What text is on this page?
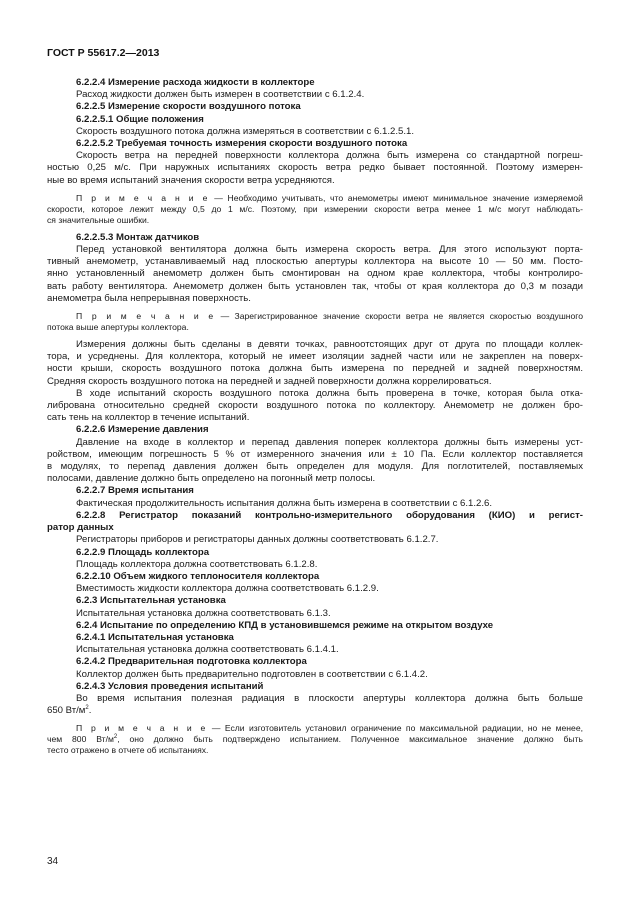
ГОСТ Р 55617.2—2013
6.2.2.4 Измерение расхода жидкости в коллекторе
Расход жидкости должен быть измерен в соответствии с 6.1.2.4.
6.2.2.5 Измерение скорости воздушного потока
6.2.2.5.1 Общие положения
Скорость воздушного потока должна измеряться в соответствии с 6.1.2.5.1.
6.2.2.5.2 Требуемая точность измерения скорости воздушного потока
Скорость ветра на передней поверхности коллектора должна быть измерена со стандартной погреш-
ностью 0,25 м/с. При наружных испытаниях скорость ветра редко бывает постоянной. Поэтому измерен-
ные во время испытаний значения скорости ветра усредняются.
П р и м е ч а н и е — Необходимо учитывать, что анемометры имеют минимальное значение измеряемой
скорости, которое лежит между 0,5 до 1 м/с. Поэтому, при измерении скорости ветра менее 1 м/с могут наблюдать-
ся значительные ошибки.
6.2.2.5.3 Монтаж датчиков
Перед установкой вентилятора должна быть измерена скорость ветра. Для этого используют порта-
тивный анемометр, устанавливаемый над плоскостью апертуры коллектора на высоте 10 — 50 мм. Посто-
янно установленный анемометр должен быть смонтирован на одном крае коллектора, чтобы контролиро-
вать работу вентилятора. Анемометр должен быть установлен так, чтобы от края коллектора до 0,3 м позади
анемометра была непрерывная поверхность.
П р и м е ч а н и е — Зарегистрированное значение скорости ветра не является скоростью воздушного
потока выше апертуры коллектора.
Измерения должны быть сделаны в девяти точках, равноотстоящих друг от друга по площади коллек-
тора, и усреднены. Для коллектора, который не имеет изоляции задней части или не закреплен на поверх-
ности крыши, скорость воздушного потока должна быть измерена по передней и задней поверхностям.
Средняя скорость воздушного потока на передней и задней поверхности должна коррелироваться.
В ходе испытаний скорость воздушного потока должна быть проверена в точке, которая была отка-
либрована относительно средней скорости воздушного потока по коллектору. Анемометр не должен бро-
сать тень на коллектор в течение испытаний.
6.2.2.6 Измерение давления
Давление на входе в коллектор и перепад давления поперек коллектора должны быть измерены уст-
ройством, имеющим погрешность 5 % от измеренного значения или ± 10 Па. Если коллектор поставляется
в модулях, то перепад давления должен быть определен для модуля. Для поглотителей, поставляемых
полосами, давление должно быть определено на погонный метр полосы.
6.2.2.7 Время испытания
Фактическая продолжительность испытания должна быть измерена в соответствии с 6.1.2.6.
6.2.2.8 Регистратор показаний контрольно-измерительного оборудования (КИО) и регист-
ратор данных
Регистраторы приборов и регистраторы данных должны соответствовать 6.1.2.7.
6.2.2.9 Площадь коллектора
Площадь коллектора должна соответствовать 6.1.2.8.
6.2.2.10 Объем жидкого теплоносителя коллектора
Вместимость жидкости коллектора должна соответствовать 6.1.2.9.
6.2.3 Испытательная установка
Испытательная установка должна соответствовать 6.1.3.
6.2.4 Испытание по определению КПД в установившемся режиме на открытом воздухе
6.2.4.1 Испытательная установка
Испытательная установка должна соответствовать 6.1.4.1.
6.2.4.2 Предварительная подготовка коллектора
Коллектор должен быть предварительно подготовлен в соответствии с 6.1.4.2.
6.2.4.3 Условия проведения испытаний
Во время испытания полезная радиация в плоскости апертуры коллектора должна быть больше
650 $Вт/м^2$.
П р и м е ч а н и е — Если изготовитель установил ограничение по максимальной радиации, но не менее,
чем 800 $Вт/м^2$, оно должно быть подтверждено испытанием. Полученное максимальное значение должно быть
тесто отражено в отчете об испытаниях.
34
